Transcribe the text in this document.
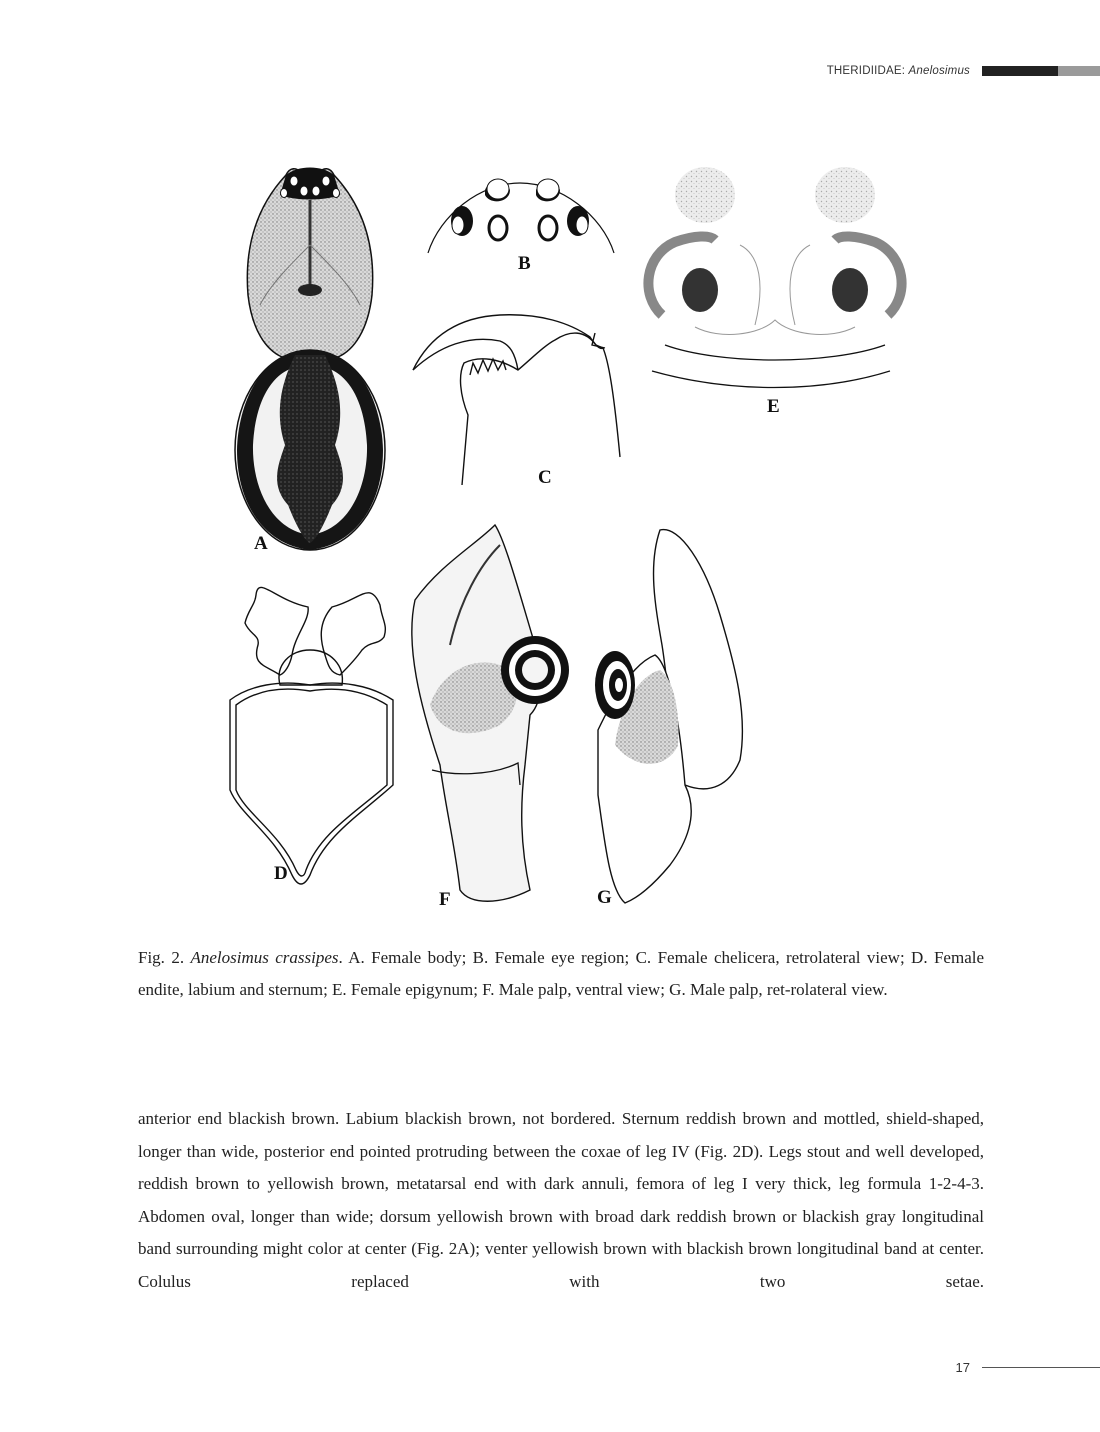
THERIDIIDAE: Anelosimus
A
B
C
D
E
F	G
Fig. 2. Anelosimus crassipes. A. Female body; B. Female eye region; C. Female chelicera, retrolateral view; D. Female endite, labium and sternum; E. Female epigynum; F. Male palp, ventral view; G. Male palp, ret-rolateral view.
anterior end blackish brown. Labium blackish brown, not bordered. Sternum reddish brown and mottled, shield-shaped, longer than wide, posterior end pointed protruding between the coxae of leg IV (Fig. 2D). Legs stout and well developed, reddish brown to yellowish brown, metatarsal end with dark annuli, femora of leg I very thick, leg formula 1-2-4-3. Abdomen oval, longer than wide; dorsum yellowish brown with broad dark reddish brown or blackish gray longitudinal band surrounding might color at center (Fig. 2A); venter yellowish brown with blackish brown longitudinal band at center. Colulus replaced with two setae.
17
